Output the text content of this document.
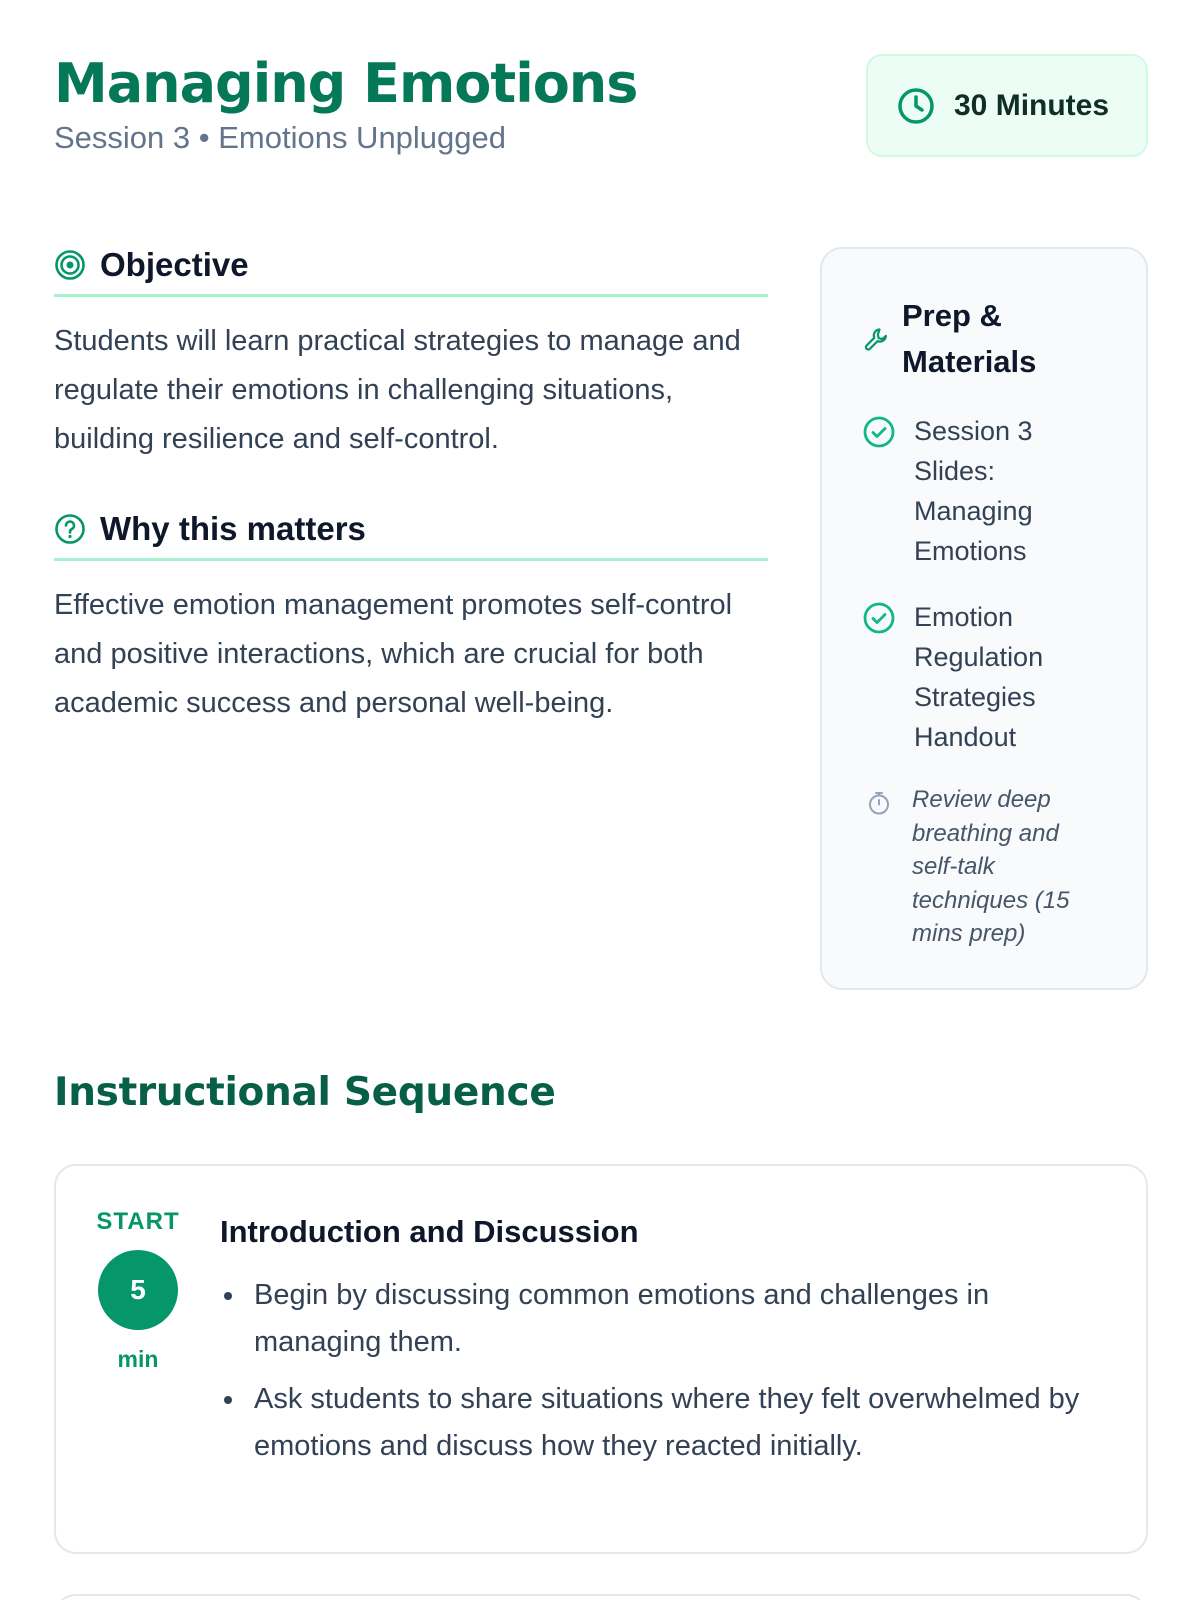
Managing Emotions
Session 3 • Emotions Unplugged
30 Minutes
Objective

Students will learn practical strategies to manage and regulate their emotions in challenging situations, building resilience and self-control.

Why this matters

Effective emotion management promotes self-control and positive interactions, which are crucial for both academic success and personal well-being.

Prep & Materials
Session 3 Slides: Managing Emotions
Emotion Regulation Strategies Handout
Review deep breathing and self-talk techniques (15 mins prep)
Instructional Sequence
START
5
min
Introduction and Discussion
Begin by discussing common emotions and challenges in managing them.
Ask students to share situations where they felt overwhelmed by emotions and discuss how they reacted initially.
